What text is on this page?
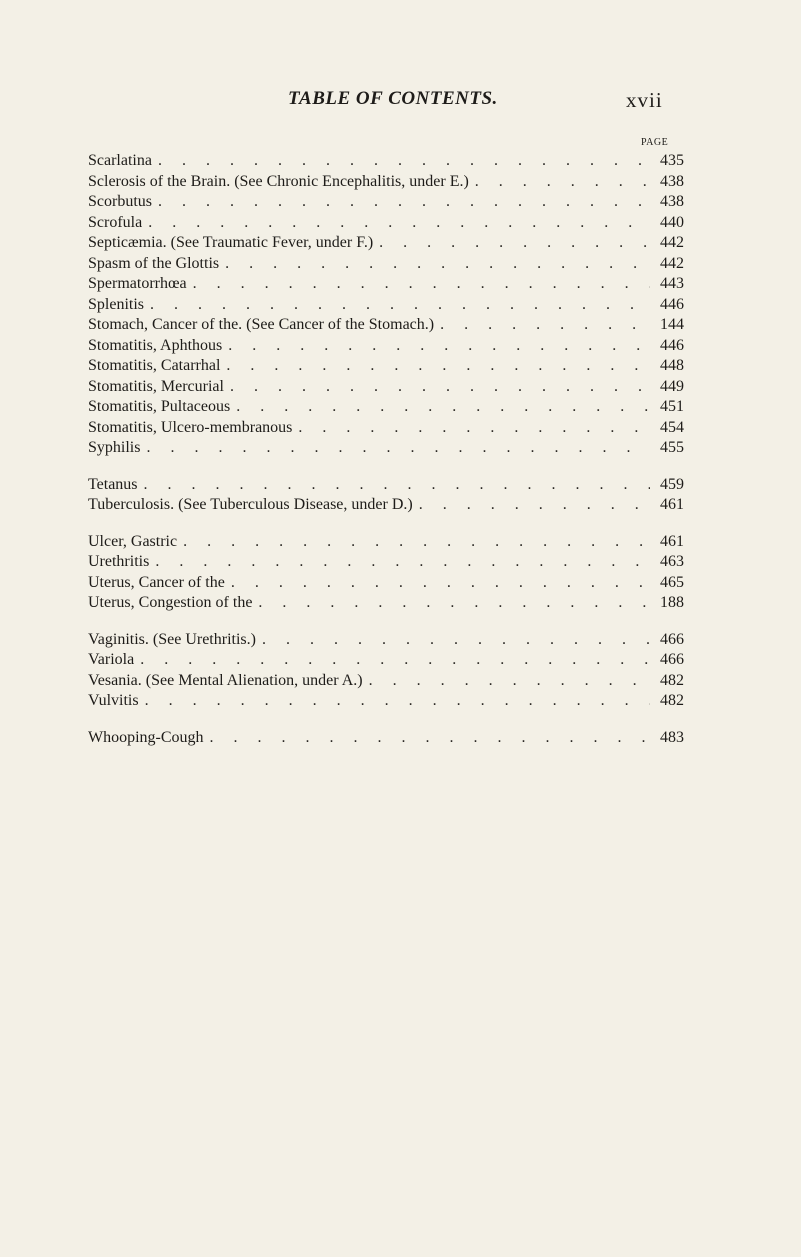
TABLE OF CONTENTS.	xvii
PAGE
Scarlatina . . .	435
Sclerosis of the Brain. (See Chronic Encephalitis, under E.) . . .	438
Scorbutus . . .	438
Scrofula . . .	440
Septicæmia. (See Traumatic Fever, under F.) . . .	442
Spasm of the Glottis . . .	442
Spermatorrhœa . . .	443
Splenitis . . .	446
Stomach, Cancer of the. (See Cancer of the Stomach.) . . .	144
Stomatitis, Aphthous . . .	446
Stomatitis, Catarrhal . . .	448
Stomatitis, Mercurial . . .	449
Stomatitis, Pultaceous . . .	451
Stomatitis, Ulcero-membranous . . .	454
Syphilis . . .	455
Tetanus . . .	459
Tuberculosis. (See Tuberculous Disease, under D.) . . .	461
Ulcer, Gastric . . .	461
Urethritis . . .	463
Uterus, Cancer of the . . .	465
Uterus, Congestion of the . . .	188
Vaginitis. (See Urethritis.) . . .	466
Variola . . .	466
Vesania. (See Mental Alienation, under A.) . . .	482
Vulvitis . . .	482
Whooping-Cough . . .	483
